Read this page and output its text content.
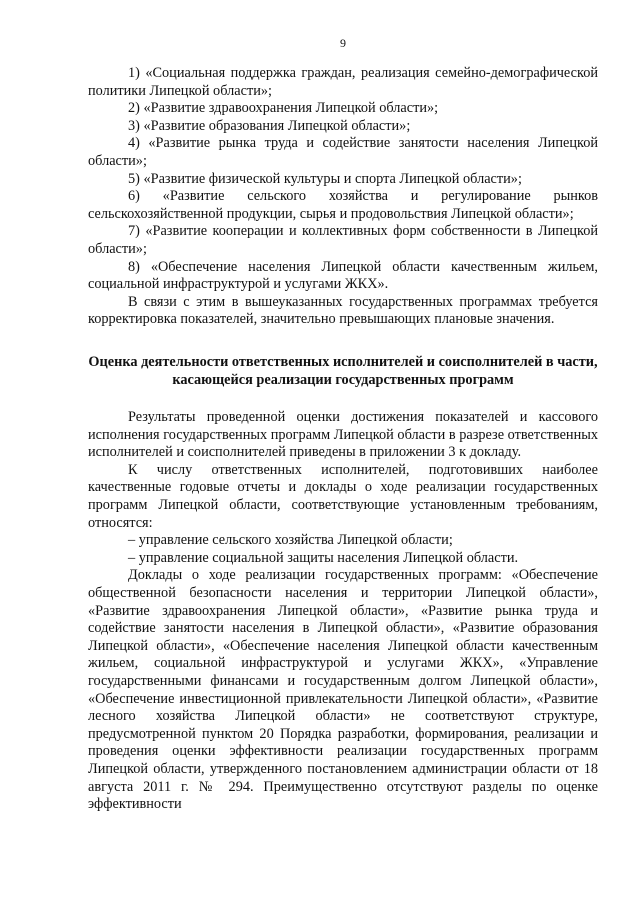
9

1) «Социальная поддержка граждан, реализация семейно-демографической политики Липецкой области»;

2) «Развитие здравоохранения Липецкой области»;

3) «Развитие образования Липецкой области»;

4) «Развитие рынка труда и содействие занятости населения Липецкой области»;

5) «Развитие физической культуры и спорта Липецкой области»;

6) «Развитие сельского хозяйства и регулирование рынков сельскохозяйственной продукции, сырья и продовольствия Липецкой области»;

7) «Развитие кооперации и коллективных форм собственности в Липецкой области»;

8) «Обеспечение населения Липецкой области качественным жильем, социальной инфраструктурой и услугами ЖКХ».

В связи с этим в вышеуказанных государственных программах требуется корректировка показателей, значительно превышающих плановые значения.

Оценка деятельности ответственных исполнителей и соисполнителей в части, касающейся реализации государственных программ

Результаты проведенной оценки достижения показателей и кассового исполнения государственных программ Липецкой области в разрезе ответственных исполнителей и соисполнителей приведены в приложении 3 к докладу.

К числу ответственных исполнителей, подготовивших наиболее качественные годовые отчеты и доклады о ходе реализации государственных программ Липецкой области, соответствующие установленным требованиям, относятся:

– управление сельского хозяйства Липецкой области;

– управление социальной защиты населения Липецкой области.

Доклады о ходе реализации государственных программ: «Обеспечение общественной безопасности населения и территории Липецкой области», «Развитие здравоохранения Липецкой области», «Развитие рынка труда и содействие занятости населения в Липецкой области», «Развитие образования Липецкой области», «Обеспечение населения Липецкой области качественным жильем, социальной инфраструктурой и услугами ЖКХ», «Управление государственными финансами и государственным долгом Липецкой области», «Обеспечение инвестиционной привлекательности Липецкой области», «Развитие лесного хозяйства Липецкой области» не соответствуют структуре, предусмотренной пунктом 20 Порядка разработки, формирования, реализации и проведения оценки эффективности реализации государственных программ Липецкой области, утвержденного постановлением администрации области от 18 августа 2011 г. № 294. Преимущественно отсутствуют разделы по оценке эффективности
